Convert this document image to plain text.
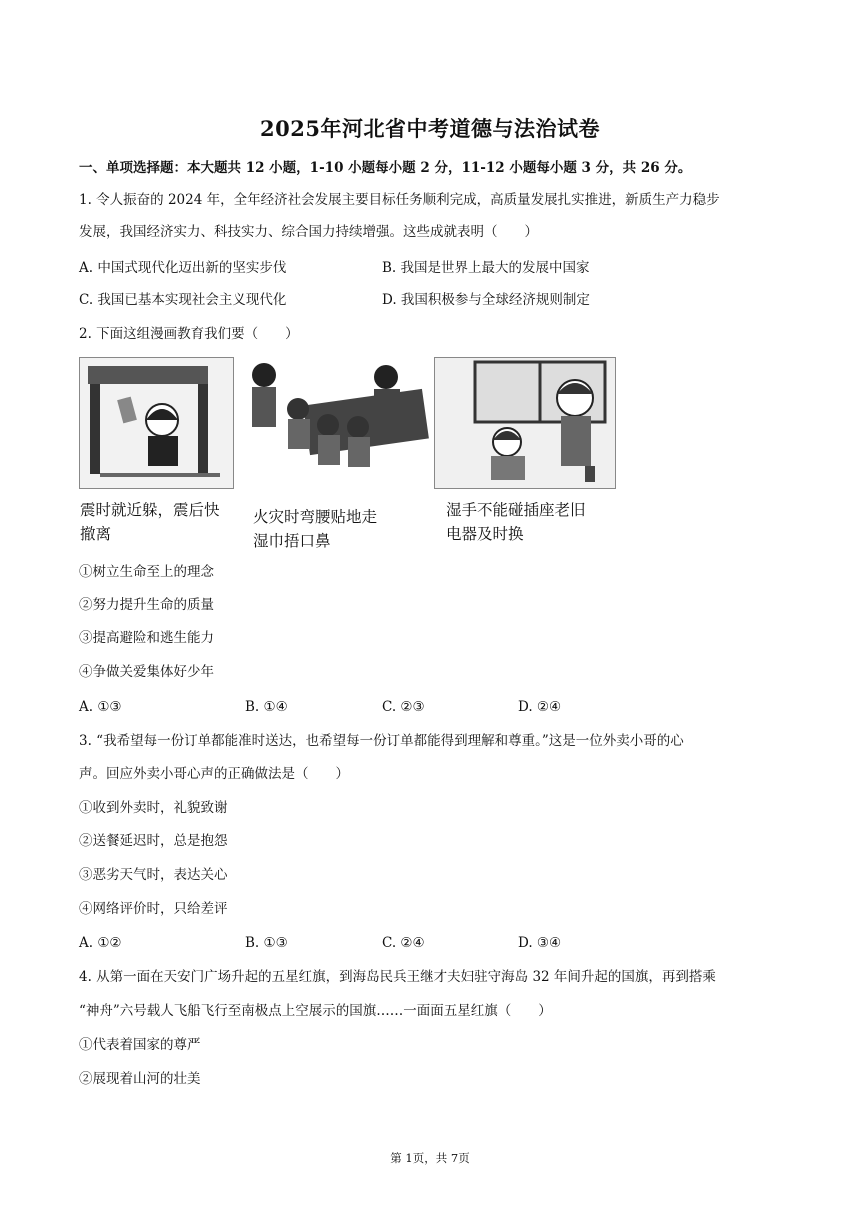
2025年河北省中考道德与法治试卷
一、单项选择题：本大题共 12 小题，1-10 小题每小题 2 分，11-12 小题每小题 3 分，共 26 分。
1. 令人振奋的 2024 年，全年经济社会发展主要目标任务顺利完成，高质量发展扎实推进，新质生产力稳步
发展，我国经济实力、科技实力、综合国力持续增强。这些成就表明（　　）
A. 中国式现代化迈出新的坚实步伐	B. 我国是世界上最大的发展中国家
C. 我国已基本实现社会主义现代化	D. 我国积极参与全球经济规则制定
2. 下面这组漫画教育我们要（　　）
震时就近躲，震后快
撤离
火灾时弯腰贴地走
湿巾捂口鼻
湿手不能碰插座老旧
电器及时换
①树立生命至上的理念
②努力提升生命的质量
③提高避险和逃生能力
④争做关爱集体好少年
A. ①③	B. ①④	C. ②③	D. ②④
3. “我希望每一份订单都能准时送达，也希望每一份订单都能得到理解和尊重。”这是一位外卖小哥的心
声。回应外卖小哥心声的正确做法是（　　）
①收到外卖时，礼貌致谢
②送餐延迟时，总是抱怨
③恶劣天气时，表达关心
④网络评价时，只给差评
A. ①②	B. ①③	C. ②④	D. ③④
4. 从第一面在天安门广场升起的五星红旗，到海岛民兵王继才夫妇驻守海岛 32 年间升起的国旗，再到搭乘
“神舟”六号载人飞船飞行至南极点上空展示的国旗……一面面五星红旗（　　）
①代表着国家的尊严
②展现着山河的壮美
第 1页，共 7页
